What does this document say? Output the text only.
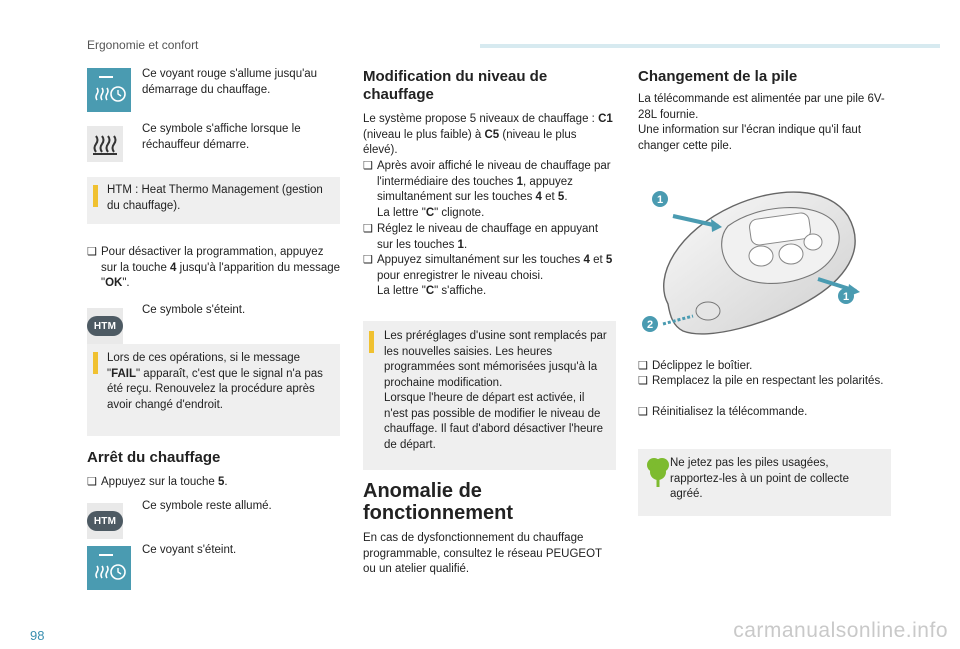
Ergonomie et confort

Ce voyant rouge s'allume jusqu'au démarrage du chauffage.

Ce symbole s'affiche lorsque le réchauffeur démarre.

HTM : Heat Thermo Management (gestion du chauffage).

❑ Pour désactiver la programmation, appuyez sur la touche 4 jusqu'à l'apparition du message "OK".
HTM

Ce symbole s'éteint.

Lors de ces opérations, si le message "FAIL" apparaît, c'est que le signal n'a pas été reçu. Renouvelez la procédure après avoir changé d'endroit.

Arrêt du chauffage
❑ Appuyez sur la touche 5.
HTM

Ce symbole reste allumé.

Ce voyant s'éteint.

Modification du niveau de chauffage

Le système propose 5 niveaux de chauffage : C1 (niveau le plus faible) à C5 (niveau le plus élevé).

❑ Après avoir affiché le niveau de chauffage par l'intermédiaire des touches 1, appuyez simultanément sur les touches 4 et 5.
La lettre "C" clignote.
❑ Réglez le niveau de chauffage en appuyant sur les touches 1.
❑ Appuyez simultanément sur les touches 4 et 5 pour enregistrer le niveau choisi.
La lettre "C" s'affiche.

Les préréglages d'usine sont remplacés par les nouvelles saisies. Les heures programmées sont mémorisées jusqu'à la prochaine modification.
Lorsque l'heure de départ est activée, il n'est pas possible de modifier le niveau de chauffage. Il faut d'abord désactiver l'heure de départ.

Anomalie de fonctionnement

En cas de dysfonctionnement du chauffage programmable, consultez le réseau PEUGEOT ou un atelier qualifié.

Changement de la pile

La télécommande est alimentée par une pile 6V-28L fournie.
Une information sur l'écran indique qu'il faut changer cette pile.

1
1
2
❑ Déclippez le boîtier.
❑ Remplacez la pile en respectant les polarités.
❑ Réinitialisez la télécommande.

Ne jetez pas les piles usagées, rapportez-les à un point de collecte agréé.

98	carmanualsonline.info
